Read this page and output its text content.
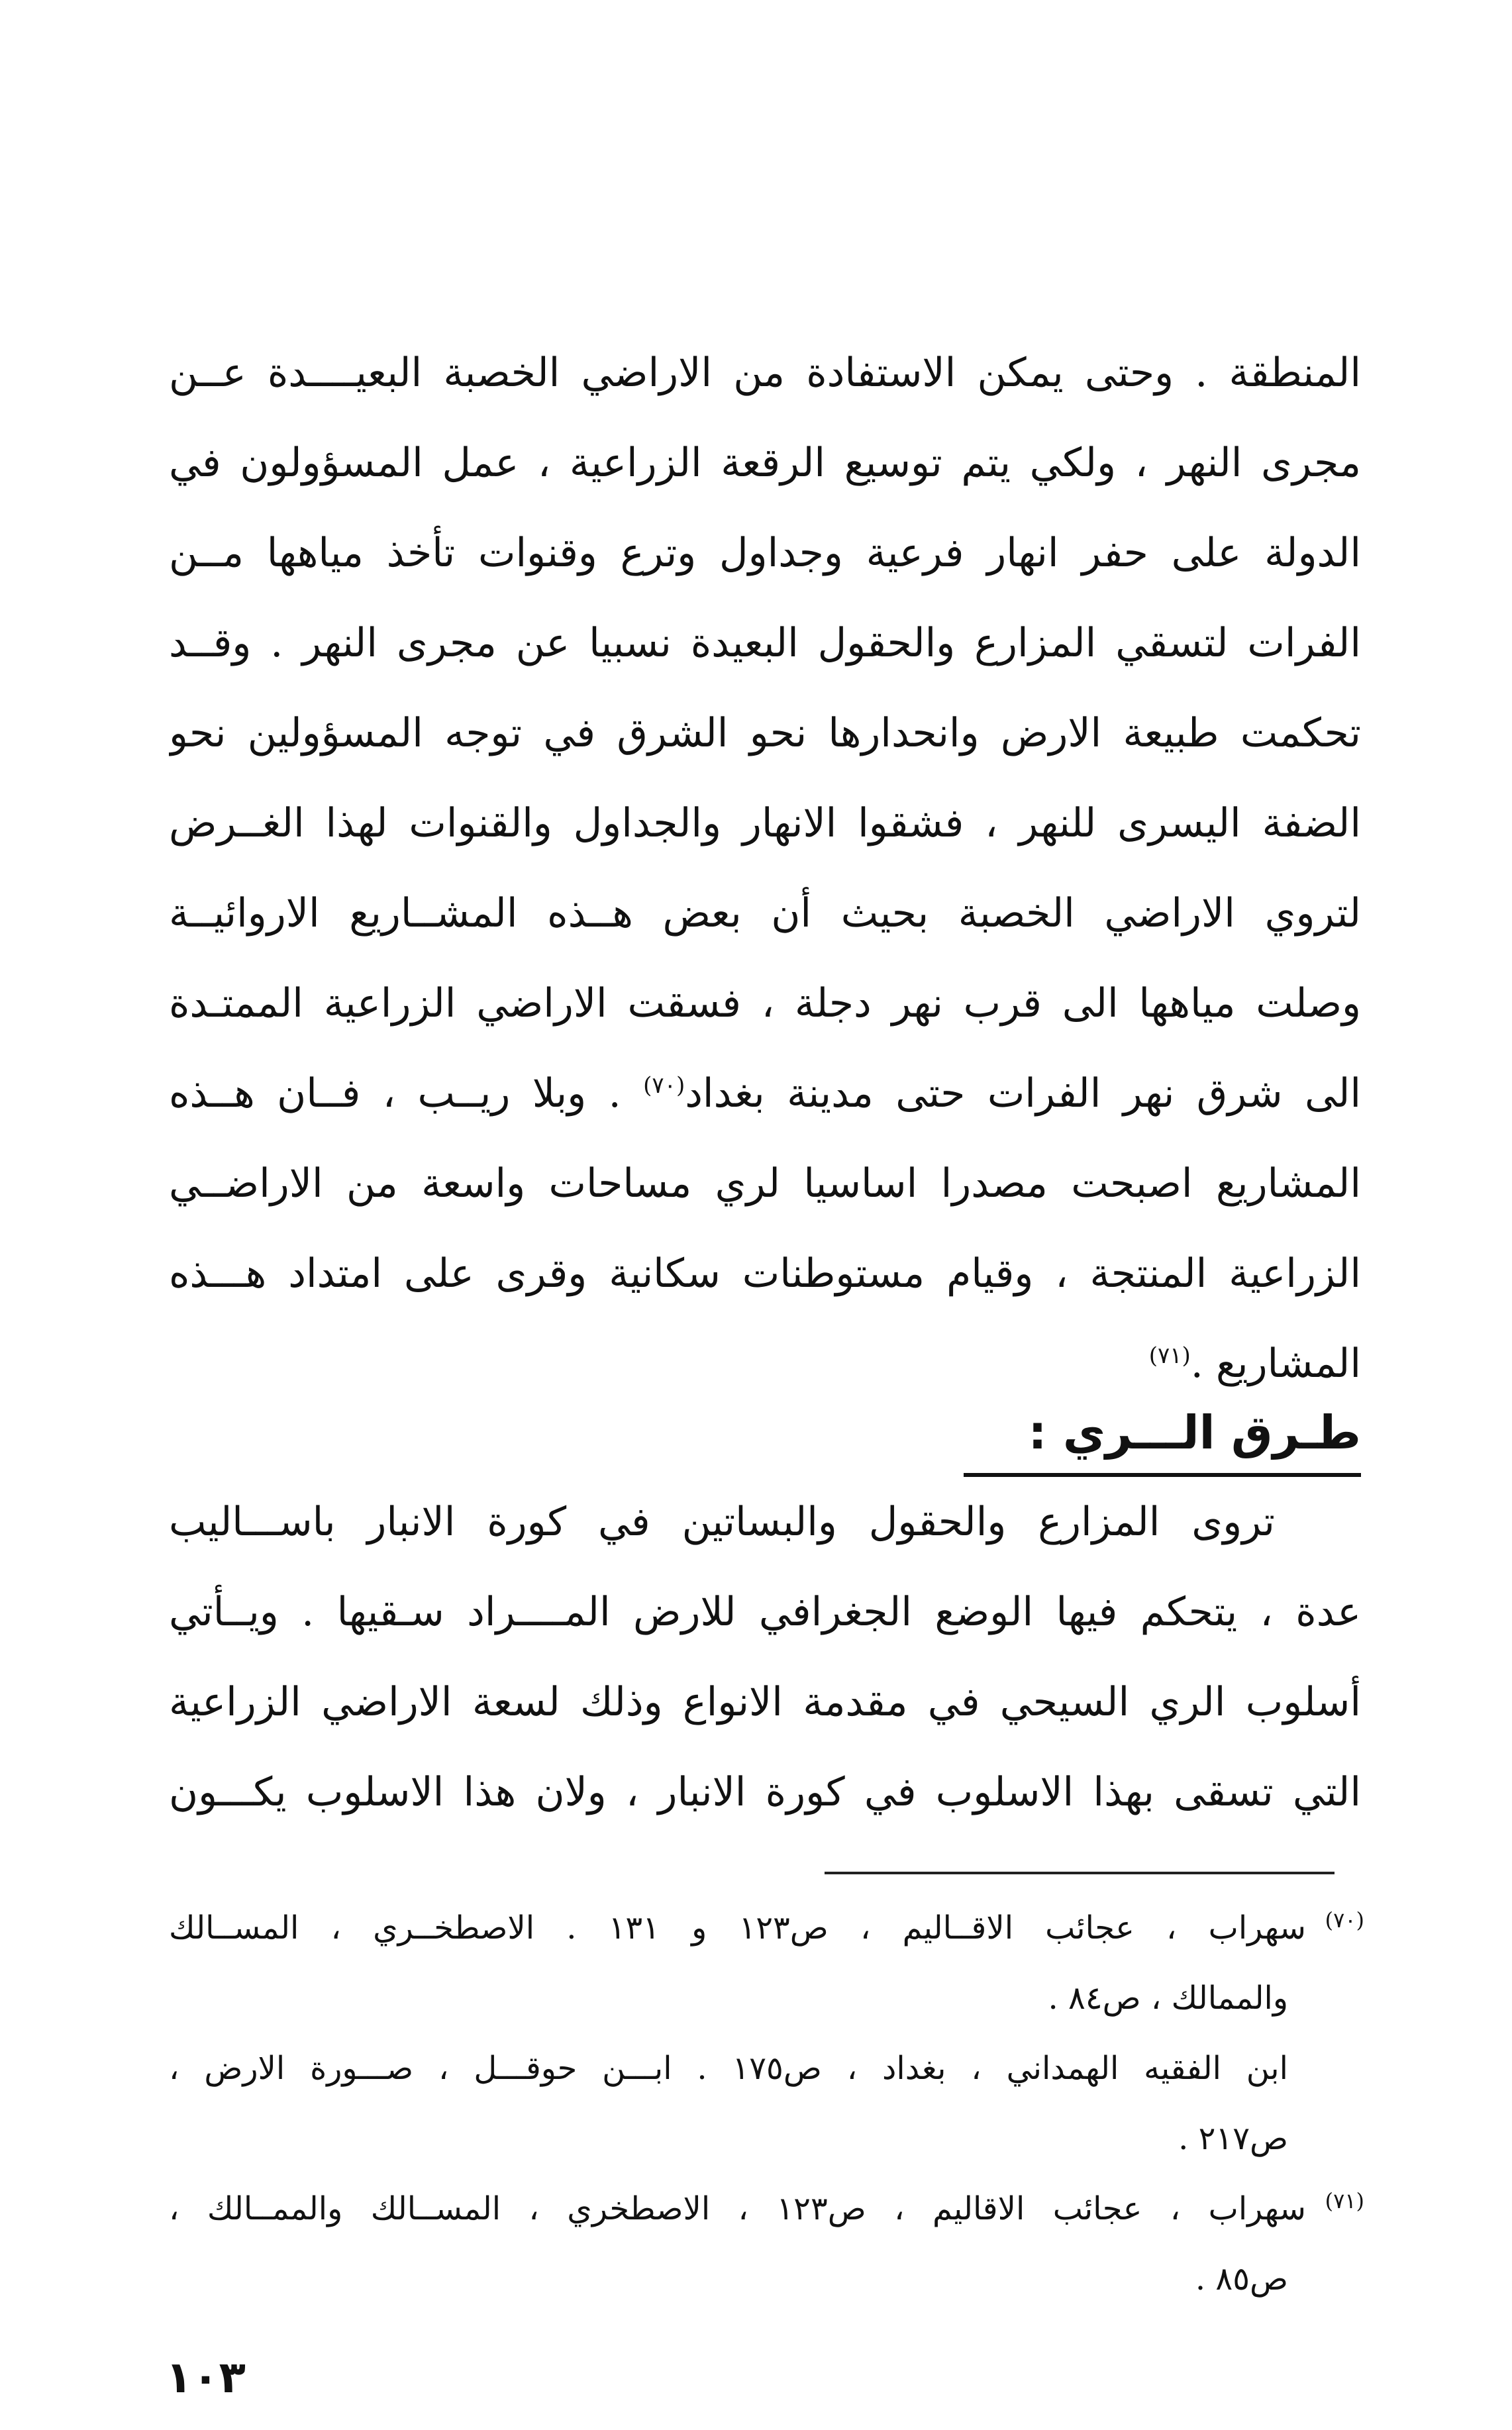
المنطقة . وحتى يمكن الاستفادة من الاراضي الخصبة البعيــــدة عــن
مجرى النهر ، ولكي يتم توسيع الرقعة الزراعية ، عمل المسؤولون في
الدولة على حفر انهار فرعية وجداول وترع وقنوات تأخذ مياهها مــن
الفرات لتسقي المزارع والحقول البعيدة نسبيا عن مجرى النهر . وقــد
تحكمت طبيعة الارض وانحدارها نحو الشرق في توجه المسؤولين نحو
الضفة اليسرى للنهر ، فشقوا الانهار والجداول والقنوات لهذا الغــرض
لتروي الاراضي الخصبة بحيث أن بعض هــذه المشــاريع الاروائيــة
وصلت مياهها الى قرب نهر دجلة ، فسقت الاراضي الزراعية الممتـدة
الى شرق نهر الفرات حتى مدينة بغداد$^{(٧٠)}$ . وبلا ريــب ، فــان هــذه
المشاريع اصبحت مصدرا اساسيا لري مساحات واسعة من الاراضــي
الزراعية المنتجة ، وقيام مستوطنات سكانية وقرى على امتداد هـــذه
المشاريع .$^{(٧١)}$
طـرق الـــري :
تروى المزارع والحقول والبساتين في كورة الانبار باســـاليب
عدة ، يتحكم فيها الوضع الجغرافي للارض المــــراد سـقيها . ويــأتي
أسلوب الري السيحي في مقدمة الانواع وذلك لسعة الاراضي الزراعية
التي تسقى بهذا الاسلوب في كورة الانبار ، ولان هذا الاسلوب يكـــون
$^{(٧٠)}$سهراب ، عجائب الاقــاليم ، ص١٢٣ و ١٣١ . الاصطخــري ، المســالك
والممالك ، ص٨٤ .
ابن الفقيه الهمداني ، بغداد ، ص١٧٥ . ابـــن حوقـــل ، صـــورة الارض ،
ص٢١٧ .
$^{(٧١)}$سهراب ، عجائب الاقاليم ، ص١٢٣ ، الاصطخري ، المســالك والممــالك ،
ص٨٥ .
١٠٣
